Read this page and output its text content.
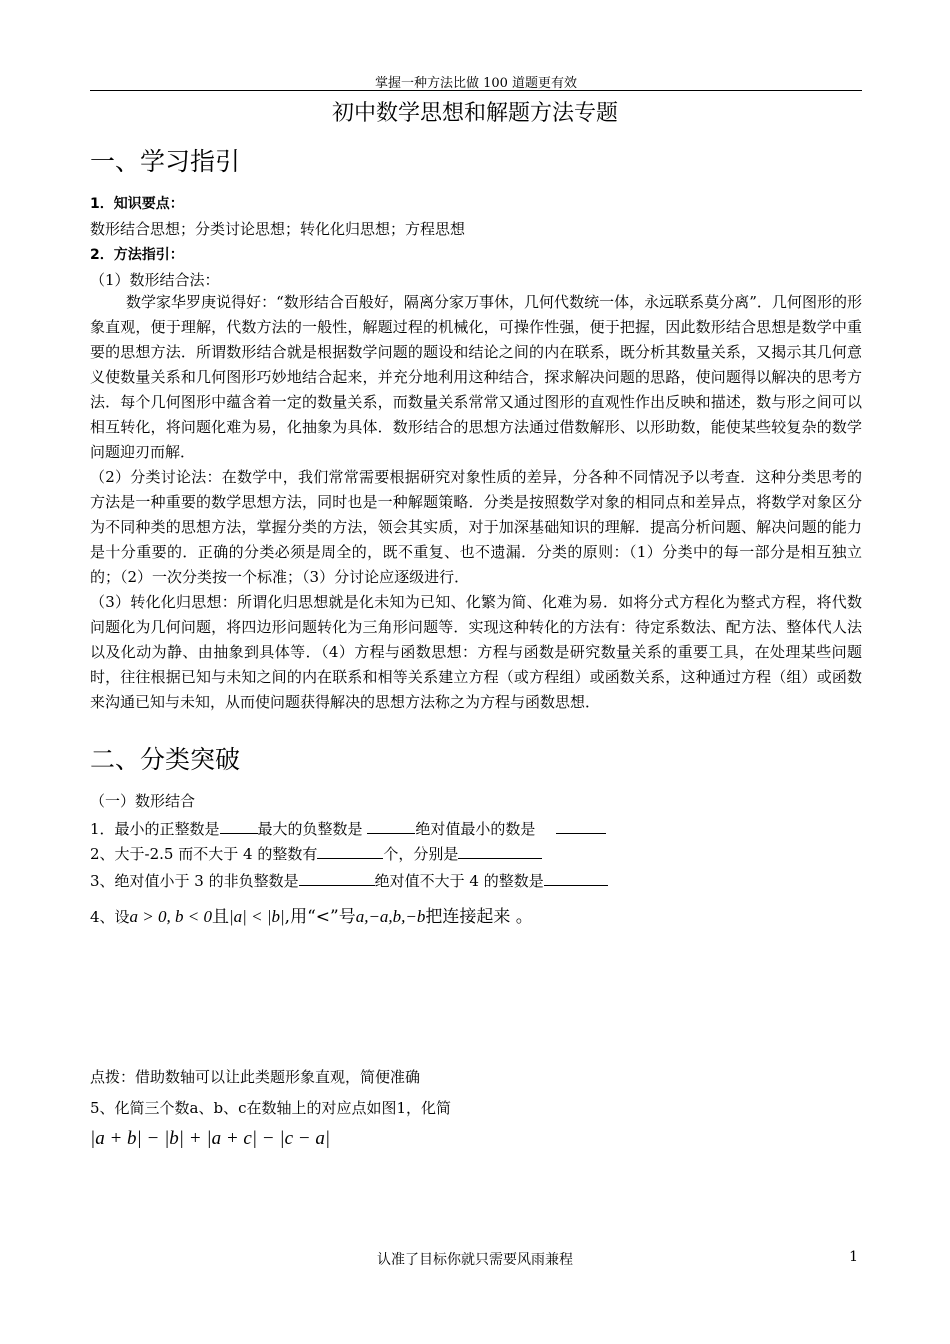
掌握一种方法比做 100 道题更有效
初中数学思想和解题方法专题
一、学习指引
1．知识要点：
数形结合思想；分类讨论思想；转化化归思想；方程思想
2．方法指引：
（1）数形结合法：
数学家华罗庚说得好：“数形结合百般好，隔离分家万事休，几何代数统一体，永远联系莫分离”．几何图形的形象直观，便于理解，代数方法的一般性，解题过程的机械化，可操作性强，便于把握，因此数形结合思想是数学中重要的思想方法．所谓数形结合就是根据数学问题的题设和结论之间的内在联系，既分析其数量关系，又揭示其几何意义使数量关系和几何图形巧妙地结合起来，并充分地利用这种结合，探求解决问题的思路，使问题得以解决的思考方法．每个几何图形中蕴含着一定的数量关系，而数量关系常常又通过图形的直观性作出反映和描述，数与形之间可以相互转化，将问题化难为易，化抽象为具体．数形结合的思想方法通过借数解形、以形助数，能使某些较复杂的数学问题迎刃而解．
（2）分类讨论法：在数学中，我们常常需要根据研究对象性质的差异，分各种不同情况予以考查．这种分类思考的方法是一种重要的数学思想方法，同时也是一种解题策略．分类是按照数学对象的相同点和差异点，将数学对象区分为不同种类的思想方法，掌握分类的方法，领会其实质，对于加深基础知识的理解．提高分析问题、解决问题的能力是十分重要的．正确的分类必须是周全的，既不重复、也不遗漏．分类的原则：（1）分类中的每一部分是相互独立的；（2）一次分类按一个标准；（3）分讨论应逐级进行．
（3）转化化归思想：所谓化归思想就是化未知为已知、化繁为简、化难为易．如将分式方程化为整式方程，将代数问题化为几何问题，将四边形问题转化为三角形问题等．实现这种转化的方法有：待定系数法、配方法、整体代人法以及化动为静、由抽象到具体等．（4）方程与函数思想：方程与函数是研究数量关系的重要工具，在处理某些问题时，往往根据已知与未知之间的内在联系和相等关系建立方程（或方程组）或函数关系，这种通过方程（组）或函数来沟通已知与未知，从而使问题获得解决的思想方法称之为方程与函数思想．
二、分类突破
（一）数形结合
1．最小的正整数是	最大的负整数是	绝对值最小的数是
2、大于-2.5 而不大于 4 的整数有	个，分别是
3、绝对值小于 3 的非负整数是	绝对值不大于 4 的整数是
4、设a > 0, b < 0且|a| < |b|,用“<”号a,−a,b,−b把连接起来 。
点拨：借助数轴可以让此类题形象直观，简便准确
5、化简三个数a、b、c在数轴上的对应点如图1，化简
|a + b| − |b| + |a + c| − |c − a|
认准了目标你就只需要风雨兼程	1
